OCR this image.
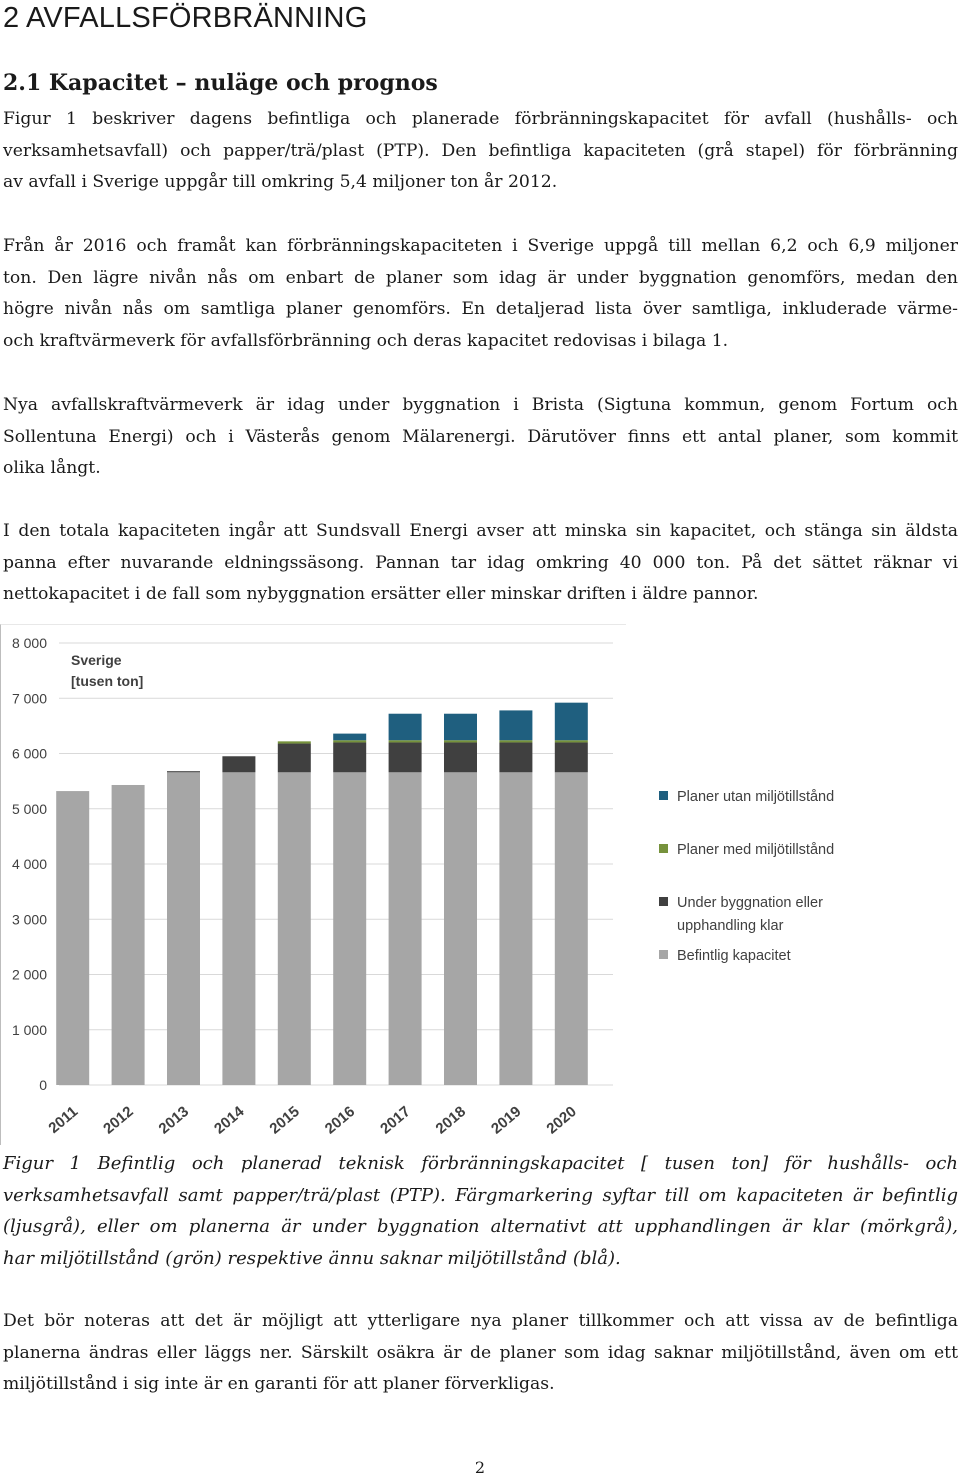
2 AVFALLSFÖRBRÄNNING
2.1 Kapacitet – nuläge och prognos

Figur 1 beskriver dagens befintliga och planerade förbränningskapacitet för avfall (hushålls- och
verksamhetsavfall) och papper/trä/plast (PTP). Den befintliga kapaciteten (grå stapel) för förbränning
av avfall i Sverige uppgår till omkring 5,4 miljoner ton år 2012.

Från år 2016 och framåt kan förbränningskapaciteten i Sverige uppgå till mellan 6,2 och 6,9 miljoner
ton. Den lägre nivån nås om enbart de planer som idag är under byggnation genomförs, medan den
högre nivån nås om samtliga planer genomförs. En detaljerad lista över samtliga, inkluderade värme-
och kraftvärmeverk för avfallsförbränning och deras kapacitet redovisas i bilaga 1.

Nya avfallskraftvärmeverk är idag under byggnation i Brista (Sigtuna kommun, genom Fortum och
Sollentuna Energi) och i Västerås genom Mälarenergi. Därutöver finns ett antal planer, som kommit
olika långt.

I den totala kapaciteten ingår att Sundsvall Energi avser att minska sin kapacitet, och stänga sin äldsta
panna efter nuvarande eldningssäsong. Pannan tar idag omkring 40 000 ton. På det sättet räknar vi
nettokapacitet i de fall som nybyggnation ersätter eller minskar driften i äldre pannor.

0
1 000
2 000
3 000
4 000
5 000
6 000
7 000
8 000
2011 2012 2013 2014 2015 2016 2017 2018 2019 2020
Sverige
[tusen ton]
Planer utan miljötillstånd
Planer med miljötillstånd
Under byggnation eller
upphandling klar
Befintlig kapacitet

Figur 1 Befintlig och planerad teknisk förbränningskapacitet [ tusen ton] för hushålls- och
verksamhetsavfall samt papper/trä/plast (PTP). Färgmarkering syftar till om kapaciteten är befintlig
(ljusgrå), eller om planerna är under byggnation alternativt att upphandlingen är klar (mörkgrå),
har miljötillstånd (grön) respektive ännu saknar miljötillstånd (blå).

Det bör noteras att det är möjligt att ytterligare nya planer tillkommer och att vissa av de befintliga
planerna ändras eller läggs ner. Särskilt osäkra är de planer som idag saknar miljötillstånd, även om ett
miljötillstånd i sig inte är en garanti för att planer förverkligas.

2
